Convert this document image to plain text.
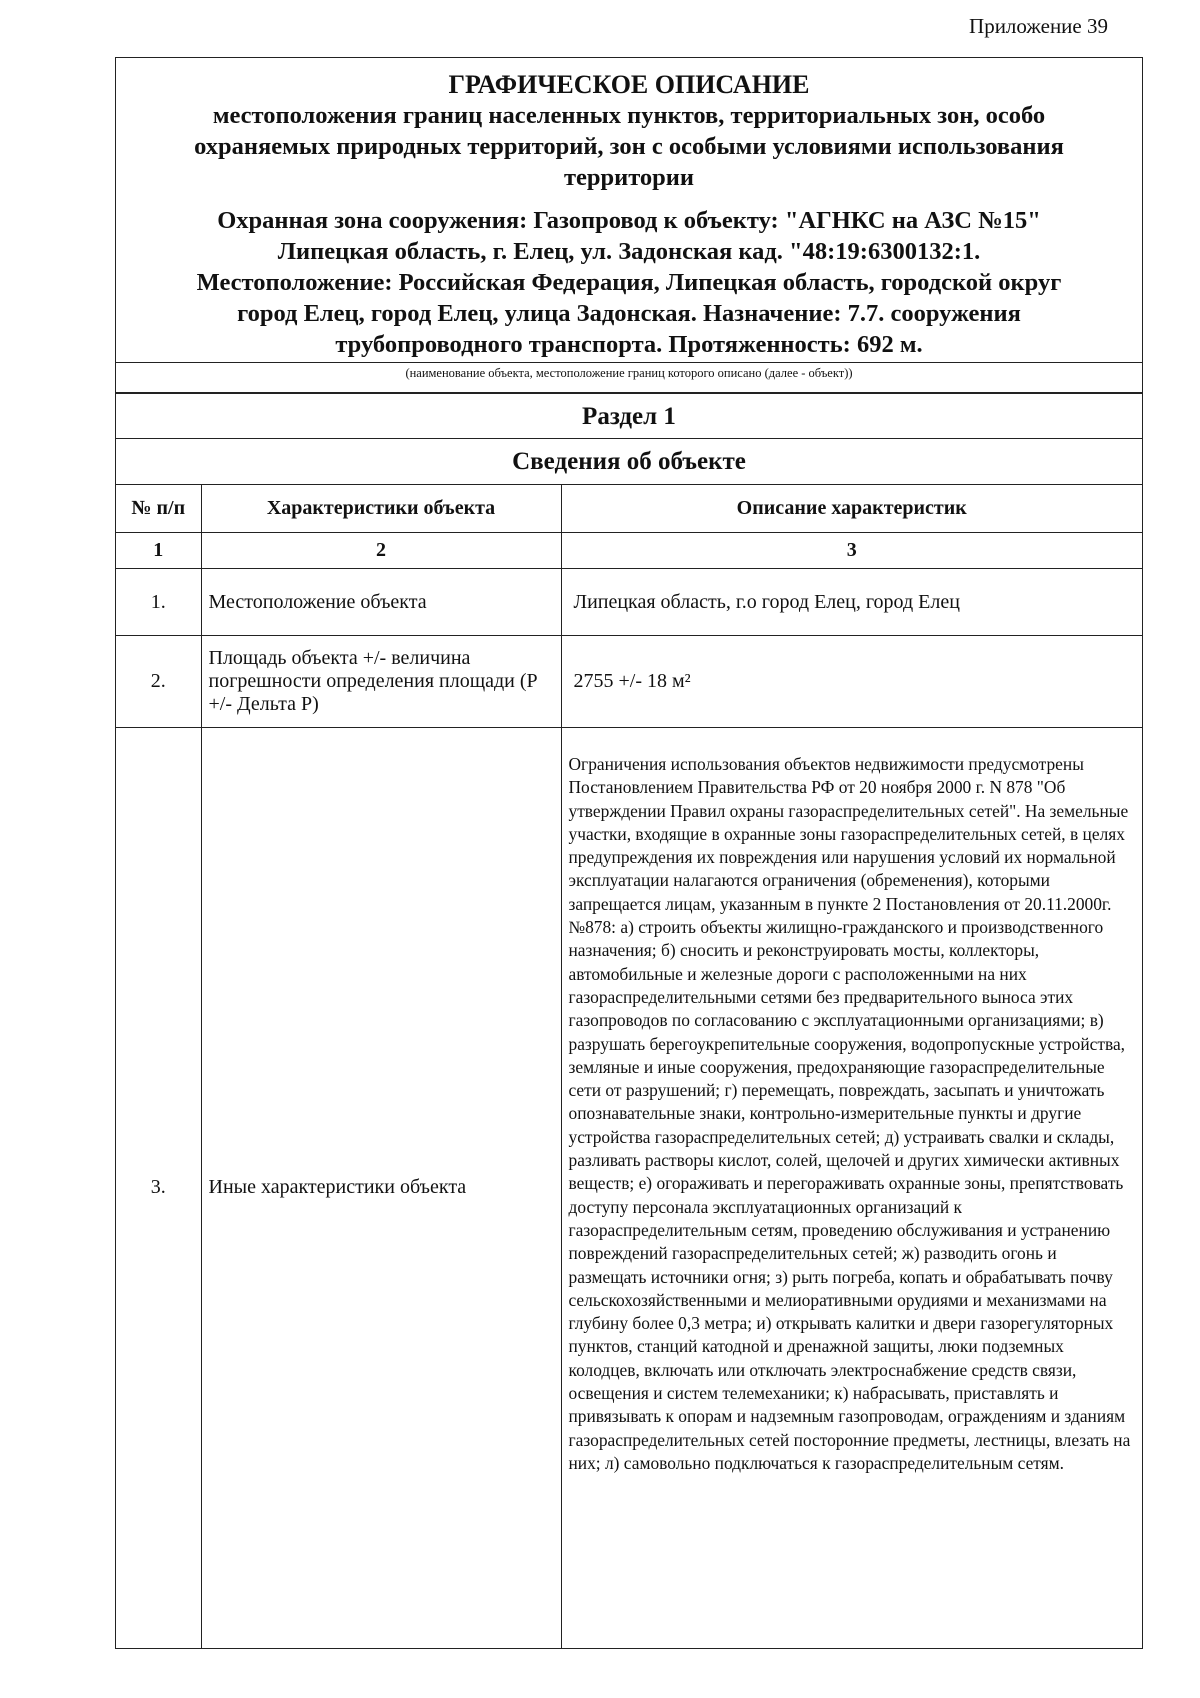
Приложение 39
ГРАФИЧЕСКОЕ ОПИСАНИЕ
местоположения границ населенных пунктов, территориальных зон, особо
охраняемых природных территорий, зон с особыми условиями использования
территории
Охранная зона сооружения: Газопровод к объекту: "АГНКС на АЗС №15"
Липецкая область, г. Елец, ул. Задонская кад. "48:19:6300132:1.
Местоположение: Российская Федерация, Липецкая область, городской округ
город Елец, город Елец, улица Задонская. Назначение: 7.7. сооружения
трубопроводного транспорта. Протяженность: 692 м.
(наименование объекта, местоположение границ которого описано (далее - объект))
Раздел 1
Сведения об объекте
№ п/п	Характеристики объекта	Описание характеристик
1	2	3
1.	Местоположение объекта	Липецкая область, г.о город Елец, город Елец
2.	Площадь объекта +/- величина погрешности определения площади (Р +/- Дельта Р)	2755 +/- 18 м²
3.	Иные характеристики объекта	Ограничения использования объектов недвижимости предусмотрены Постановлением Правительства РФ от 20 ноября 2000 г. N 878 "Об утверждении Правил охраны газораспределительных сетей". На земельные участки, входящие в охранные зоны газораспределительных сетей, в целях предупреждения их повреждения или нарушения условий их нормальной эксплуатации налагаются ограничения (обременения), которыми запрещается лицам, указанным в пункте 2 Постановления от 20.11.2000г. №878: а) строить объекты жилищно-гражданского и производственного назначения; б) сносить и реконструировать мосты, коллекторы, автомобильные и железные дороги с расположенными на них газораспределительными сетями без предварительного выноса этих газопроводов по согласованию с эксплуатационными организациями; в) разрушать берегоукрепительные сооружения, водопропускные устройства, земляные и иные сооружения, предохраняющие газораспределительные сети от разрушений; г) перемещать, повреждать, засыпать и уничтожать опознавательные знаки, контрольно-измерительные пункты и другие устройства газораспределительных сетей; д) устраивать свалки и склады, разливать растворы кислот, солей, щелочей и других химически активных веществ; е) огораживать и перегораживать охранные зоны, препятствовать доступу персонала эксплуатационных организаций к газораспределительным сетям, проведению обслуживания и устранению повреждений газораспределительных сетей; ж) разводить огонь и размещать источники огня; з) рыть погреба, копать и обрабатывать почву сельскохозяйственными и мелиоративными орудиями и механизмами на глубину более 0,3 метра; и) открывать калитки и двери газорегуляторных пунктов, станций катодной и дренажной защиты, люки подземных колодцев, включать или отключать электроснабжение средств связи, освещения и систем телемеханики; к) набрасывать, приставлять и привязывать к опорам и надземным газопроводам, ограждениям и зданиям газораспределительных сетей посторонние предметы, лестницы, влезать на них; л) самовольно подключаться к газораспределительным сетям.
